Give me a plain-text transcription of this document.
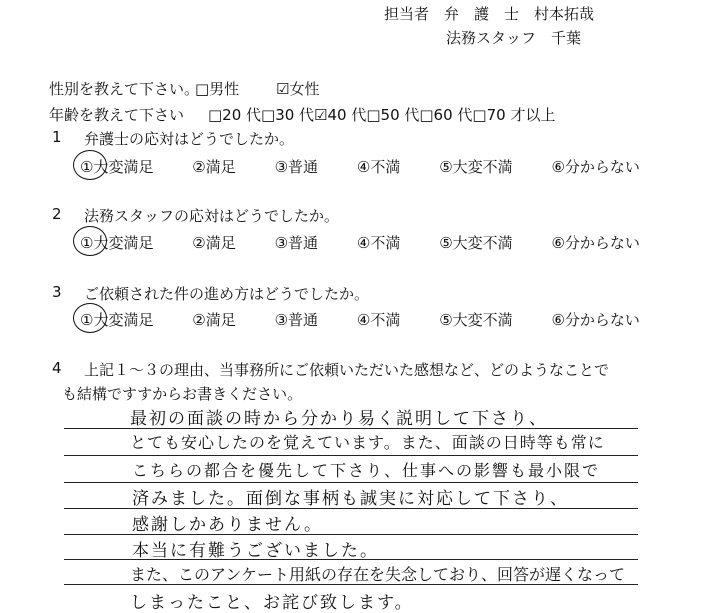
担当者　弁　護　士　村本拓哉
法務スタッフ　千葉
性別を教えて下さい。
□男性 ☑女性
年齢を教えて下さい □20 代□30 代☑40 代□50 代□60 代□70 才以上
1 弁護士の応対はどうでしたか。
①大変満足	②満足	③普通	④不満	⑤大変不満	⑥分からない
2 法務スタッフの応対はどうでしたか。
①大変満足	②満足	③普通	④不満	⑤大変不満	⑥分からない
3 ご依頼された件の進め方はどうでしたか。
①大変満足	②満足	③普通	④不満	⑤大変不満	⑥分からない
4 上記１～３の理由、当事務所にご依頼いただいた感想など、どのようなことで
も結構ですすからお書きください。
最初の面談の時から分かり易く説明して下さり、
とても安心したのを覚えています。また、面談の日時等も常に
こちらの都合を優先して下さり、仕事への影響も最小限で
済みました。面倒な事柄も誠実に対応して下さり、
感謝しかありません。
本当に有難うございました。
また、このアンケート用紙の存在を失念しており、回答が遅くなって
しまったこと、お詫び致します。
